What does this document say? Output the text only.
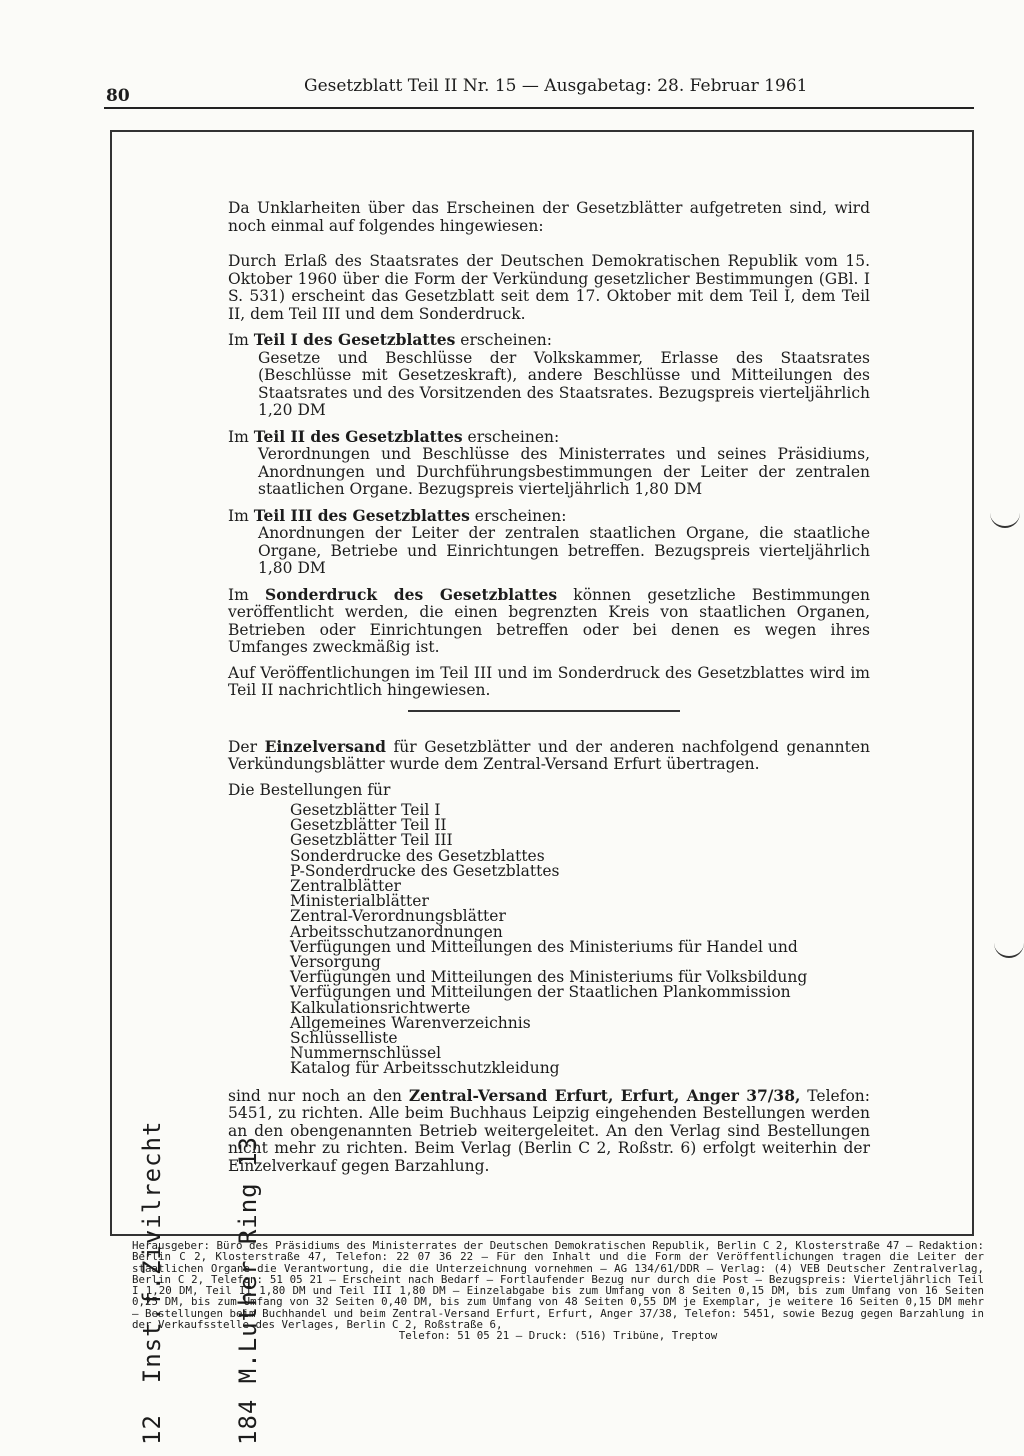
80	Gesetzblatt Teil II Nr. 15 — Ausgabetag: 28. Februar 1961

Da Unklarheiten über das Erscheinen der Gesetzblätter aufgetreten sind, wird noch einmal auf folgendes hingewiesen:

Durch Erlaß des Staatsrates der Deutschen Demokratischen Republik vom 15. Oktober 1960 über die Form der Verkündung gesetzlicher Bestimmungen (GBl. I S. 531) erscheint das Gesetzblatt seit dem 17. Oktober mit dem Teil I, dem Teil II, dem Teil III und dem Sonderdruck.

Im Teil I des Gesetzblattes erscheinen:

Gesetze und Beschlüsse der Volkskammer, Erlasse des Staatsrates (Beschlüsse mit Gesetzeskraft), andere Beschlüsse und Mitteilungen des Staatsrates und des Vorsitzenden des Staatsrates. Bezugspreis vierteljährlich 1,20 DM

Im Teil II des Gesetzblattes erscheinen:

Verordnungen und Beschlüsse des Ministerrates und seines Präsidiums, Anordnungen und Durchführungsbestimmungen der Leiter der zentralen staatlichen Organe. Bezugspreis vierteljährlich 1,80 DM

Im Teil III des Gesetzblattes erscheinen:

Anordnungen der Leiter der zentralen staatlichen Organe, die staatliche Organe, Betriebe und Einrichtungen betreffen. Bezugspreis vierteljährlich 1,80 DM

Im Sonderdruck des Gesetzblattes können gesetzliche Bestimmungen veröffentlicht werden, die einen begrenzten Kreis von staatlichen Organen, Betrieben oder Einrichtungen betreffen oder bei denen es wegen ihres Umfanges zweckmäßig ist.

Auf Veröffentlichungen im Teil III und im Sonderdruck des Gesetzblattes wird im Teil II nachrichtlich hingewiesen.

Der Einzelversand für Gesetzblätter und der anderen nachfolgend genannten Verkündungsblätter wurde dem Zentral-Versand Erfurt übertragen.

Die Bestellungen für

Gesetzblätter Teil I
Gesetzblätter Teil II
Gesetzblätter Teil III
Sonderdrucke des Gesetzblattes
P-Sonderdrucke des Gesetzblattes
Zentralblätter
Ministerialblätter
Zentral-Verordnungsblätter
Arbeitsschutzanordnungen
Verfügungen und Mitteilungen des Ministeriums für Handel und Versorgung
Verfügungen und Mitteilungen des Ministeriums für Volksbildung
Verfügungen und Mitteilungen der Staatlichen Plankommission
Kalkulationsrichtwerte
Allgemeines Warenverzeichnis
Schlüsselliste
Nummernschlüssel
Katalog für Arbeitsschutzkleidung

sind nur noch an den Zentral-Versand Erfurt, Erfurt, Anger 37/38, Telefon: 5451, zu richten. Alle beim Buchhaus Leipzig eingehenden Bestellungen werden an den obengenannten Betrieb weitergeleitet. An den Verlag sind Bestellungen nicht mehr zu richten. Beim Verlag (Berlin C 2, Roßstr. 6) erfolgt weiterhin der Einzelverkauf gegen Barzahlung.

Herausgeber: Büro des Präsidiums des Ministerrates der Deutschen Demokratischen Republik, Berlin C 2, Klosterstraße 47 — Redaktion: Berlin C 2, Klosterstraße 47, Telefon: 22 07 36 22 — Für den Inhalt und die Form der Veröffentlichungen tragen die Leiter der staatlichen Organe die Verantwortung, die die Unterzeichnung vornehmen — AG 134/61/DDR — Verlag: (4) VEB Deutscher Zentralverlag, Berlin C 2, Telefon: 51 05 21 — Erscheint nach Bedarf — Fortlaufender Bezug nur durch die Post — Bezugspreis: Vierteljährlich Teil I 1,20 DM, Teil II 1,80 DM und Teil III 1,80 DM — Einzelabgabe bis zum Umfang von 8 Seiten 0,15 DM, bis zum Umfang von 16 Seiten 0,25 DM, bis zum Umfang von 32 Seiten 0,40 DM, bis zum Umfang von 48 Seiten 0,55 DM je Exemplar, je weitere 16 Seiten 0,15 DM mehr — Bestellungen beim Buchhandel und beim Zentral-Versand Erfurt, Erfurt, Anger 37/38, Telefon: 5451, sowie Bezug gegen Barzahlung in der Verkaufsstelle des Verlages, Berlin C 2, Roßstraße 6,

Telefon: 51 05 21 — Druck: (516) Tribüne, Treptow

12  Inst.f.Zivilrecht

	184 M.Luther Ring 13
